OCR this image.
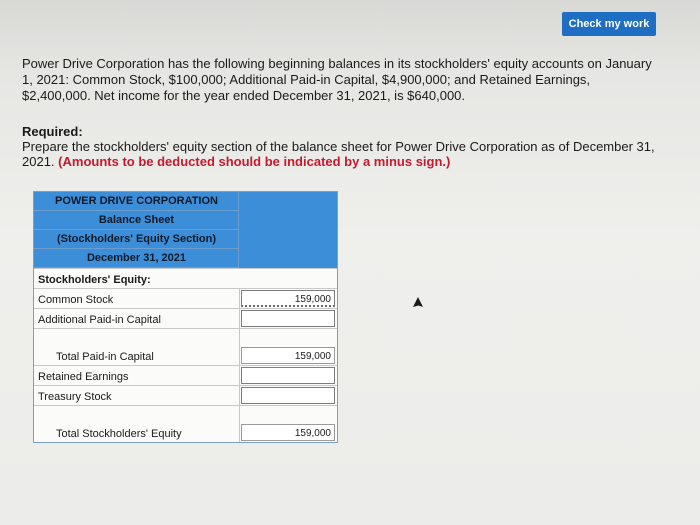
Check my work
Power Drive Corporation has the following beginning balances in its stockholders' equity accounts on January 1, 2021: Common Stock, $100,000; Additional Paid-in Capital, $4,900,000; and Retained Earnings, $2,400,000. Net income for the year ended December 31, 2021, is $640,000.
Required:
Prepare the stockholders' equity section of the balance sheet for Power Drive Corporation as of December 31, 2021. (Amounts to be deducted should be indicated by a minus sign.)
POWER DRIVE CORPORATION
Balance Sheet
(Stockholders' Equity Section)
December 31, 2021
Stockholders' Equity:
Common Stock	159,000
Additional Paid-in Capital
Total Paid-in Capital	159,000
Retained Earnings
Treasury Stock
Total Stockholders' Equity	159,000
